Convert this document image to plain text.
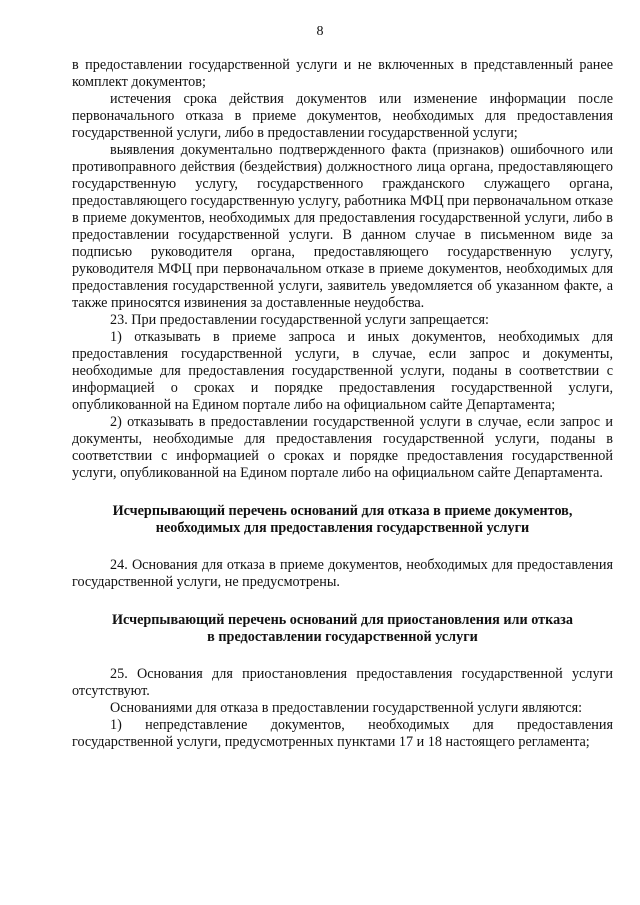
8

в предоставлении государственной услуги и не включенных в представленный ранее комплект документов;

истечения срока действия документов или изменение информации после первоначального отказа в приеме документов, необходимых для предоставления государственной услуги, либо в предоставлении государственной услуги;

выявления документально подтвержденного факта (признаков) ошибочного или противоправного действия (бездействия) должностного лица органа, предоставляющего государственную услугу, государственного гражданского служащего органа, предоставляющего государственную услугу, работника МФЦ при первоначальном отказе в приеме документов, необходимых для предоставления государственной услуги, либо в предоставлении государственной услуги. В данном случае в письменном виде за подписью руководителя органа, предоставляющего государственную услугу, руководителя МФЦ при первоначальном отказе в приеме документов, необходимых для предоставления государственной услуги, заявитель уведомляется об указанном факте, а также приносятся извинения за доставленные неудобства.

23. При предоставлении государственной услуги запрещается:

1) отказывать в приеме запроса и иных документов, необходимых для предоставления государственной услуги, в случае, если запрос и документы, необходимые для предоставления государственной услуги, поданы в соответствии с информацией о сроках и порядке предоставления государственной услуги, опубликованной на Едином портале либо на официальном сайте Департамента;

2) отказывать в предоставлении государственной услуги в случае, если запрос и документы, необходимые для предоставления государственной услуги, поданы в соответствии с информацией о сроках и порядке предоставления государственной услуги, опубликованной на Едином портале либо на официальном сайте Департамента.

Исчерпывающий перечень оснований для отказа в приеме документов,
необходимых для предоставления государственной услуги

24. Основания для отказа в приеме документов, необходимых для предоставления государственной услуги, не предусмотрены.

Исчерпывающий перечень оснований для приостановления или отказа
в предоставлении государственной услуги

25. Основания для приостановления предоставления государственной услуги отсутствуют.

Основаниями для отказа в предоставлении государственной услуги являются:

1) непредставление документов, необходимых для предоставления государственной услуги, предусмотренных пунктами 17 и 18 настоящего регламента;
